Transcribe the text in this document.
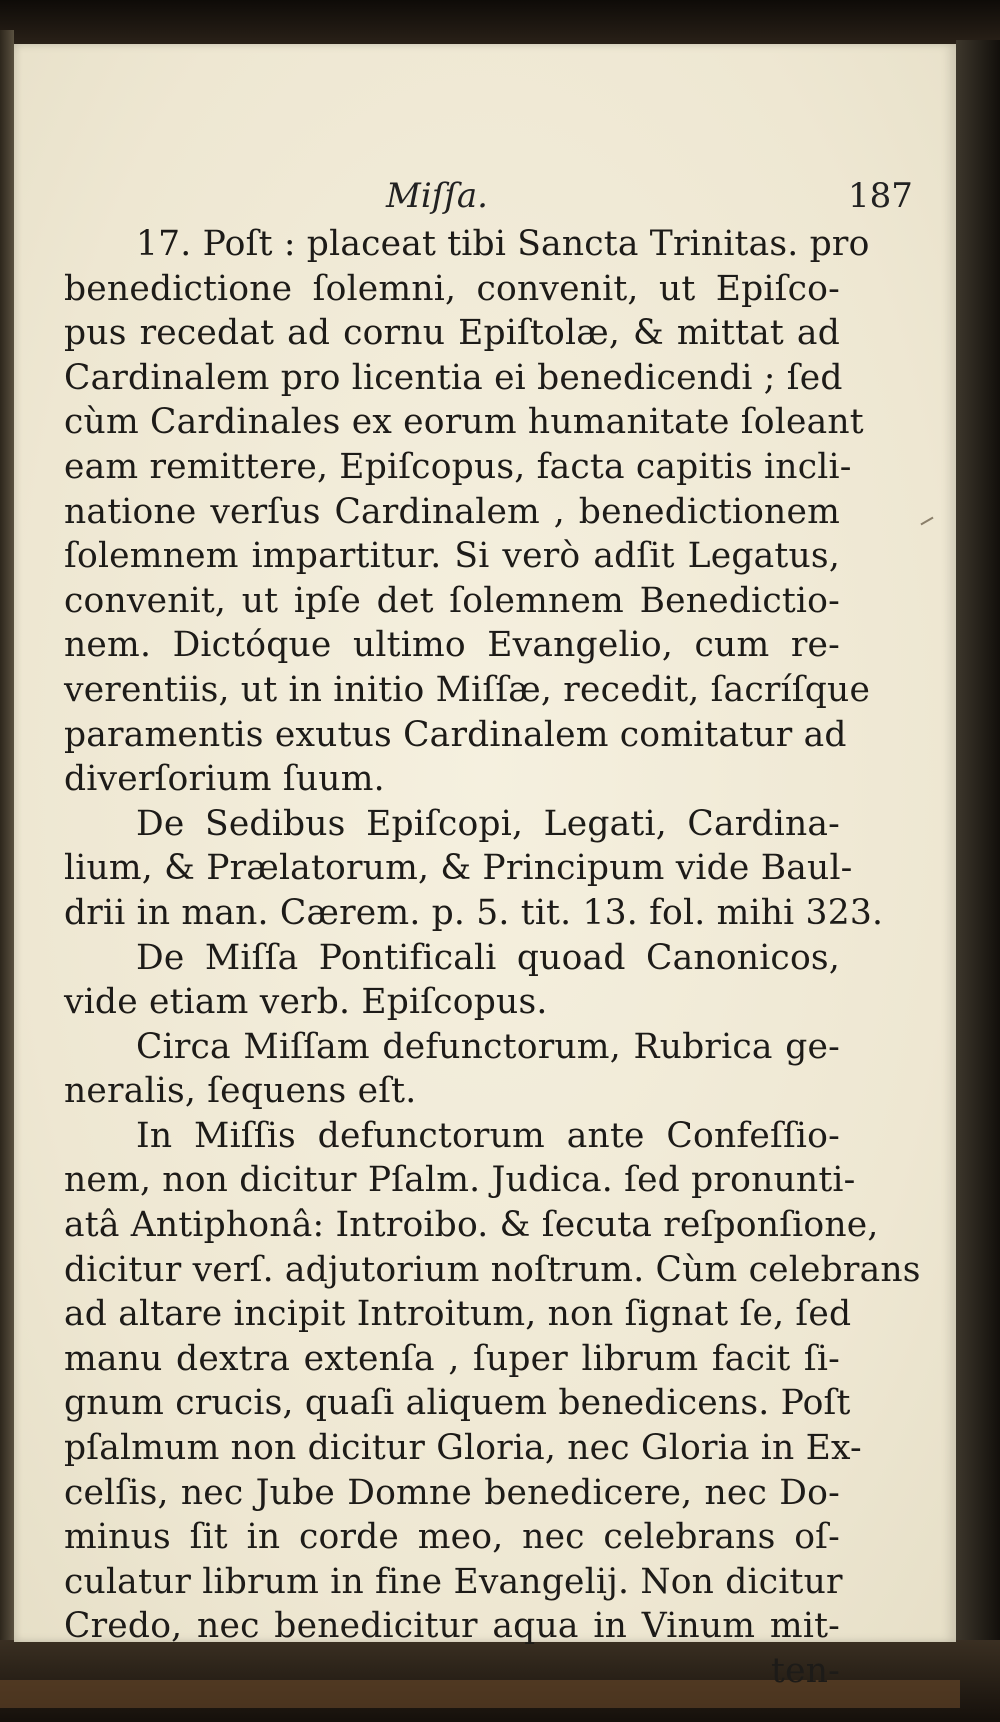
Miſſa.	187
17. Poſt : placeat tibi Sancta Trinitas. pro
benedictione ſolemni, convenit, ut Epiſco-
pus recedat ad cornu Epiſtolæ, & mittat ad
Cardinalem pro licentia ei benedicendi ; ſed
cùm Cardinales ex eorum humanitate ſoleant
eam remittere, Epiſcopus, facta capitis incli-
natione verſus Cardinalem , benedictionem
ſolemnem impartitur. Si verò adſit Legatus,
convenit, ut ipſe det ſolemnem Benedictio-
nem. Dictóque ultimo Evangelio, cum re-
verentiis, ut in initio Miſſæ, recedit, ſacríſque
paramentis exutus Cardinalem comitatur ad
diverſorium ſuum.
De Sedibus Epiſcopi, Legati, Cardina-
lium, & Prælatorum, & Principum vide Baul-
drii in man. Cærem. p. 5. tit. 13. fol. mihi 323.
De Miſſa Pontificali quoad Canonicos,
vide etiam verb. Epiſcopus.
Circa Miſſam defunctorum, Rubrica ge-
neralis, ſequens eſt.
In Miſſis defunctorum ante Confeſſio-
nem, non dicitur Pſalm. Judica. ſed pronunti-
atâ Antiphonâ: Introibo. & ſecuta reſponſione,
dicitur verſ. adjutorium noſtrum. Cùm celebrans
ad altare incipit Introitum, non ſignat ſe, ſed
manu dextra extenſa , ſuper librum facit ſi-
gnum crucis, quaſi aliquem benedicens. Poſt
pſalmum non dicitur Gloria, nec Gloria in Ex-
celſis, nec Jube Domne benedicere, nec Do-
minus ſit in corde meo, nec celebrans oſ-
culatur librum in fine Evangelij. Non dicitur
Credo, nec benedicitur aqua in Vinum mit-
ten-
